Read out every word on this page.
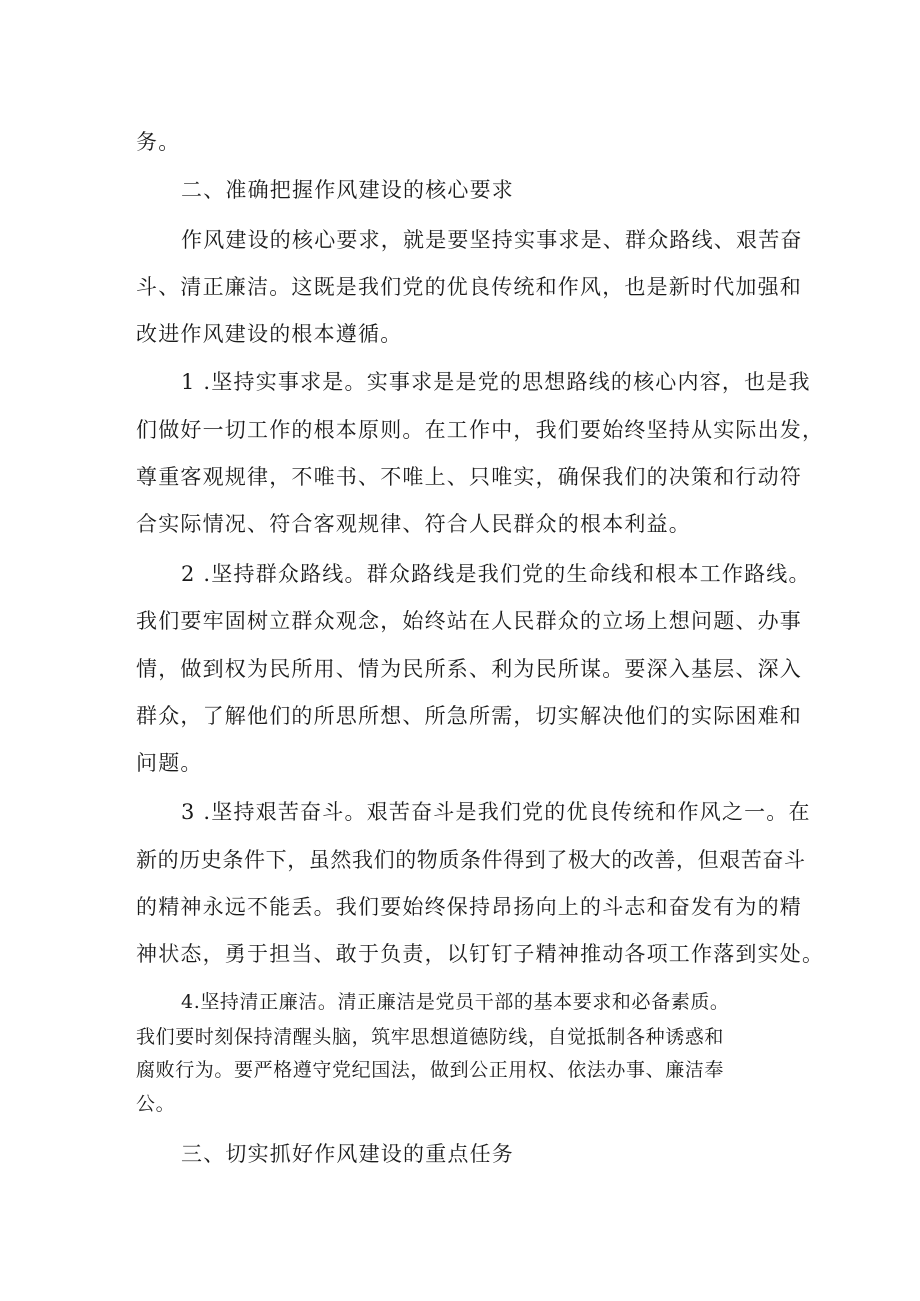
务。
二、准确把握作风建设的核心要求
作风建设的核心要求，就是要坚持实事求是、群众路线、艰苦奋
斗、清正廉洁。这既是我们党的优良传统和作风，也是新时代加强和
改进作风建设的根本遵循。
1 .坚持实事求是。实事求是是党的思想路线的核心内容，也是我
们做好一切工作的根本原则。在工作中，我们要始终坚持从实际出发，
尊重客观规律，不唯书、不唯上、只唯实，确保我们的决策和行动符
合实际情况、符合客观规律、符合人民群众的根本利益。
2 .坚持群众路线。群众路线是我们党的生命线和根本工作路线。
我们要牢固树立群众观念，始终站在人民群众的立场上想问题、办事
情，做到权为民所用、情为民所系、利为民所谋。要深入基层、深入
群众，了解他们的所思所想、所急所需，切实解决他们的实际困难和
问题。
3 .坚持艰苦奋斗。艰苦奋斗是我们党的优良传统和作风之一。在
新的历史条件下，虽然我们的物质条件得到了极大的改善，但艰苦奋斗
的精神永远不能丢。我们要始终保持昂扬向上的斗志和奋发有为的精
神状态，勇于担当、敢于负责，以钉钉子精神推动各项工作落到实处。
4.坚持清正廉洁。清正廉洁是党员干部的基本要求和必备素质。
我们要时刻保持清醒头脑，筑牢思想道德防线，自觉抵制各种诱惑和
腐败行为。要严格遵守党纪国法，做到公正用权、依法办事、廉洁奉
公。
三、切实抓好作风建设的重点任务
